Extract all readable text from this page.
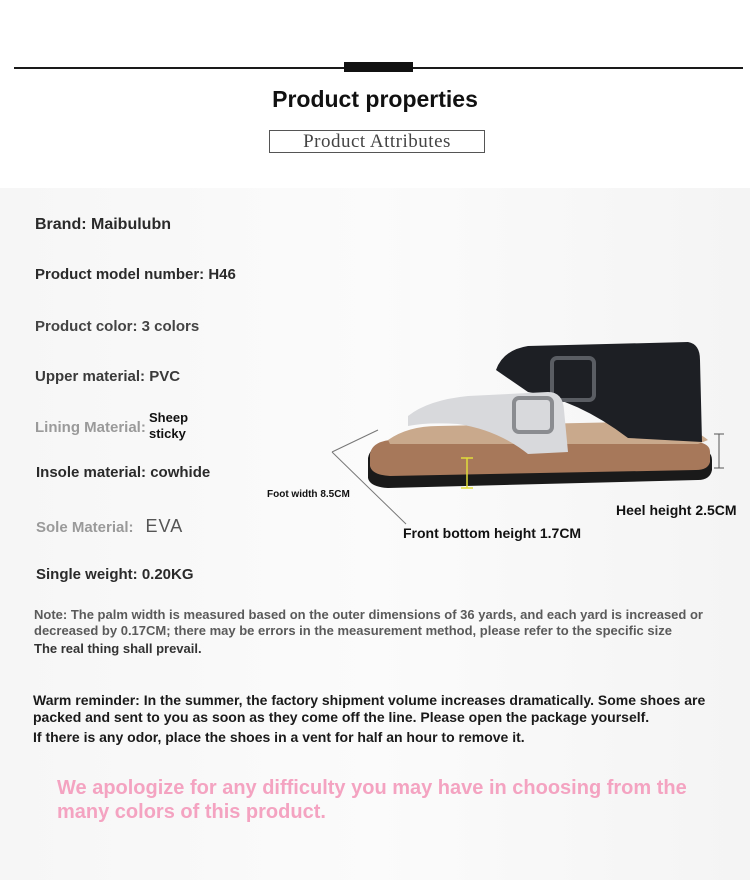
Product properties
Product Attributes
Brand: Maibulubn
Product model number: H46
Product color: 3 colors
Upper material: PVC
Lining Material:
Sheep
sticky
Insole material: cowhide
Sole Material: EVA
Single weight: 0.20KG
Foot width 8.5CM
Heel height 2.5CM
Front bottom height 1.7CM
Note: The palm width is measured based on the outer dimensions of 36 yards, and each yard is increased or decreased by 0.17CM; there may be errors in the measurement method, please refer to the specific size
The real thing shall prevail.
Warm reminder: In the summer, the factory shipment volume increases dramatically. Some shoes are packed and sent to you as soon as they come off the line. Please open the package yourself.
If there is any odor, place the shoes in a vent for half an hour to remove it.
We apologize for any difficulty you may have in choosing from the many colors of this product.
